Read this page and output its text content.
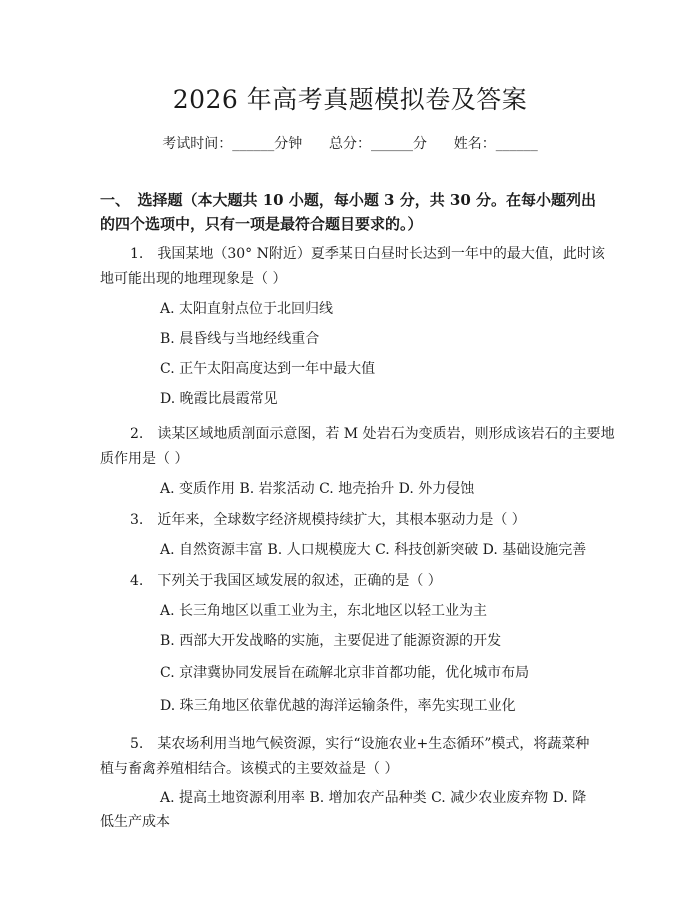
2026 年高考真题模拟卷及答案
考试时间：______分钟 总分：______分 姓名：______
一、　选择题（本大题共 10 小题，每小题 3 分，共 30 分。在每小题列出的四个选项中，只有一项是最符合题目要求的。）
1.　我国某地（30° N附近）夏季某日白昼时长达到一年中的最大值，此时该
地可能出现的地理现象是（ ）
A. 太阳直射点位于北回归线
B. 晨昏线与当地经线重合
C. 正午太阳高度达到一年中最大值
D. 晚霞比晨霞常见
2.　读某区域地质剖面示意图，若 M 处岩石为变质岩，则形成该岩石的主要地
质作用是（ ）
A. 变质作用 B. 岩浆活动 C. 地壳抬升 D. 外力侵蚀
3.　近年来，全球数字经济规模持续扩大，其根本驱动力是（ ）
A. 自然资源丰富 B. 人口规模庞大 C. 科技创新突破 D. 基础设施完善
4.　下列关于我国区域发展的叙述，正确的是（ ）
A. 长三角地区以重工业为主，东北地区以轻工业为主
B. 西部大开发战略的实施，主要促进了能源资源的开发
C. 京津冀协同发展旨在疏解北京非首都功能，优化城市布局
D. 珠三角地区依靠优越的海洋运输条件，率先实现工业化
5.　某农场利用当地气候资源，实行“设施农业+生态循环”模式，将蔬菜种
植与畜禽养殖相结合。该模式的主要效益是（ ）
A. 提高土地资源利用率 B. 增加农产品种类 C. 减少农业废弃物 D. 降
低生产成本
